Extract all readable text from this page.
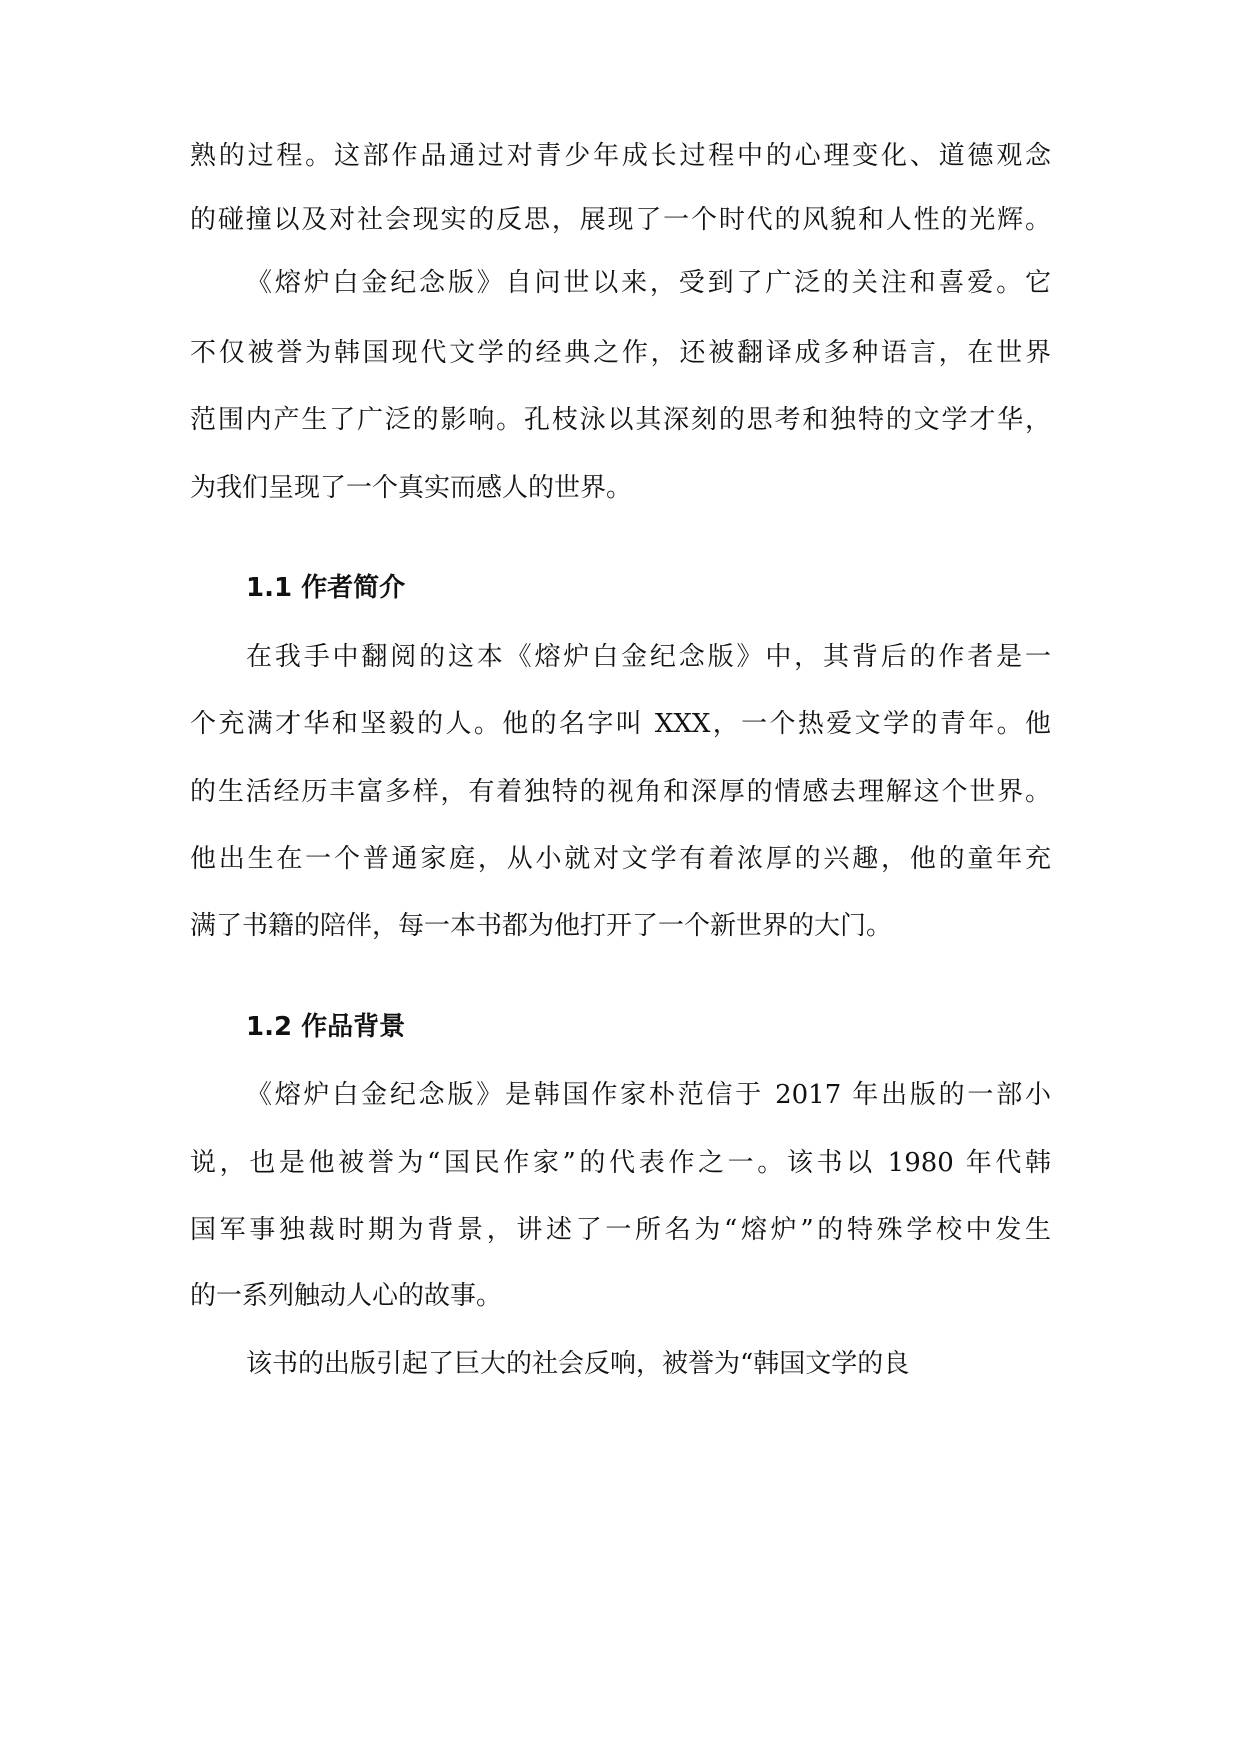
熟的过程。这部作品通过对青少年成长过程中的心理变化、道德观念
的碰撞以及对社会现实的反思，展现了一个时代的风貌和人性的光辉。
《熔炉白金纪念版》自问世以来，受到了广泛的关注和喜爱。它
不仅被誉为韩国现代文学的经典之作，还被翻译成多种语言，在世界
范围内产生了广泛的影响。孔枝泳以其深刻的思考和独特的文学才华，
为我们呈现了一个真实而感人的世界。
1.1 作者简介
在我手中翻阅的这本《熔炉白金纪念版》中，其背后的作者是一
个充满才华和坚毅的人。他的名字叫 XXX，一个热爱文学的青年。他
的生活经历丰富多样，有着独特的视角和深厚的情感去理解这个世界。
他出生在一个普通家庭，从小就对文学有着浓厚的兴趣，他的童年充
满了书籍的陪伴，每一本书都为他打开了一个新世界的大门。
1.2 作品背景
《熔炉白金纪念版》是韩国作家朴范信于 2017 年出版的一部小
说，也是他被誉为“国民作家”的代表作之一。该书以 1980 年代韩
国军事独裁时期为背景，讲述了一所名为“熔炉”的特殊学校中发生
的一系列触动人心的故事。
该书的出版引起了巨大的社会反响，被誉为“韩国文学的良
